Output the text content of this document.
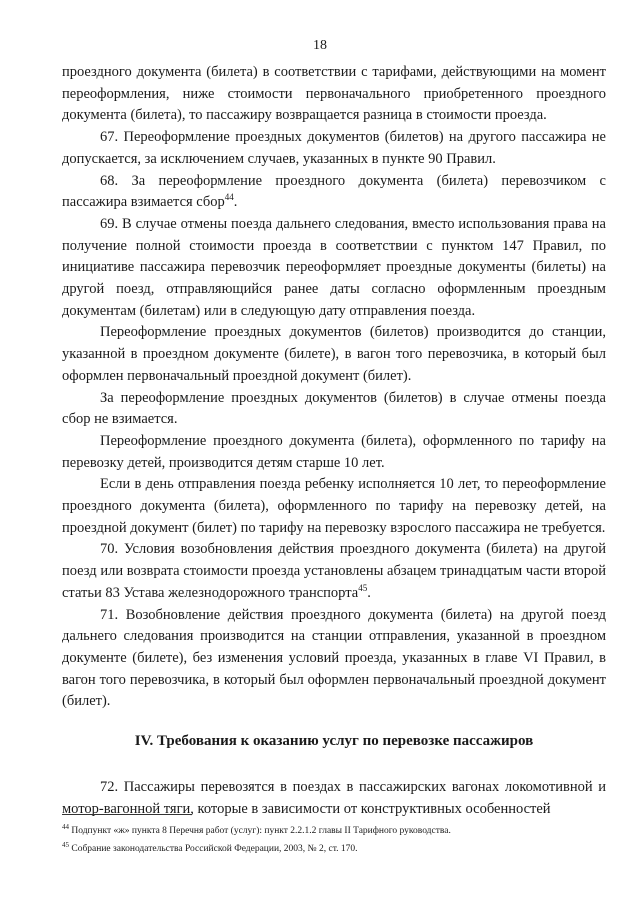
18

проездного документа (билета) в соответствии с тарифами, действующими на момент переоформления, ниже стоимости первоначального приобретенного проездного документа (билета), то пассажиру возвращается разница в стоимости проезда.

67. Переоформление проездных документов (билетов) на другого пассажира не допускается, за исключением случаев, указанных в пункте 90 Правил.

68. За переоформление проездного документа (билета) перевозчиком с пассажира взимается сбор$^{44}$.

69. В случае отмены поезда дальнего следования, вместо использования права на получение полной стоимости проезда в соответствии с пунктом 147 Правил, по инициативе пассажира перевозчик переоформляет проездные документы (билеты) на другой поезд, отправляющийся ранее даты согласно оформленным проездным документам (билетам) или в следующую дату отправления поезда.

Переоформление проездных документов (билетов) производится до станции, указанной в проездном документе (билете), в вагон того перевозчика, в который был оформлен первоначальный проездной документ (билет).

За переоформление проездных документов (билетов) в случае отмены поезда сбор не взимается.

Переоформление проездного документа (билета), оформленного по тарифу на перевозку детей, производится детям старше 10 лет.

Если в день отправления поезда ребенку исполняется 10 лет, то переоформление проездного документа (билета), оформленного по тарифу на перевозку детей, на проездной документ (билет) по тарифу на перевозку взрослого пассажира не требуется.

70. Условия возобновления действия проездного документа (билета) на другой поезд или возврата стоимости проезда установлены абзацем тринадцатым части второй статьи 83 Устава железнодорожного транспорта$^{45}$.

71. Возобновление действия проездного документа (билета) на другой поезд дальнего следования производится на станции отправления, указанной в проездном документе (билете), без изменения условий проезда, указанных в главе VI Правил, в вагон того перевозчика, в который был оформлен первоначальный проездной документ (билет).

IV. Требования к оказанию услуг по перевозке пассажиров

72. Пассажиры перевозятся в поездах в пассажирских вагонах локомотивной и мотор-вагонной тяги, которые в зависимости от конструктивных особенностей

$^{44}$ Подпункт «ж» пункта 8 Перечня работ (услуг): пункт 2.2.1.2 главы II Тарифного руководства.
$^{45}$ Собрание законодательства Российской Федерации, 2003, № 2, ст. 170.
